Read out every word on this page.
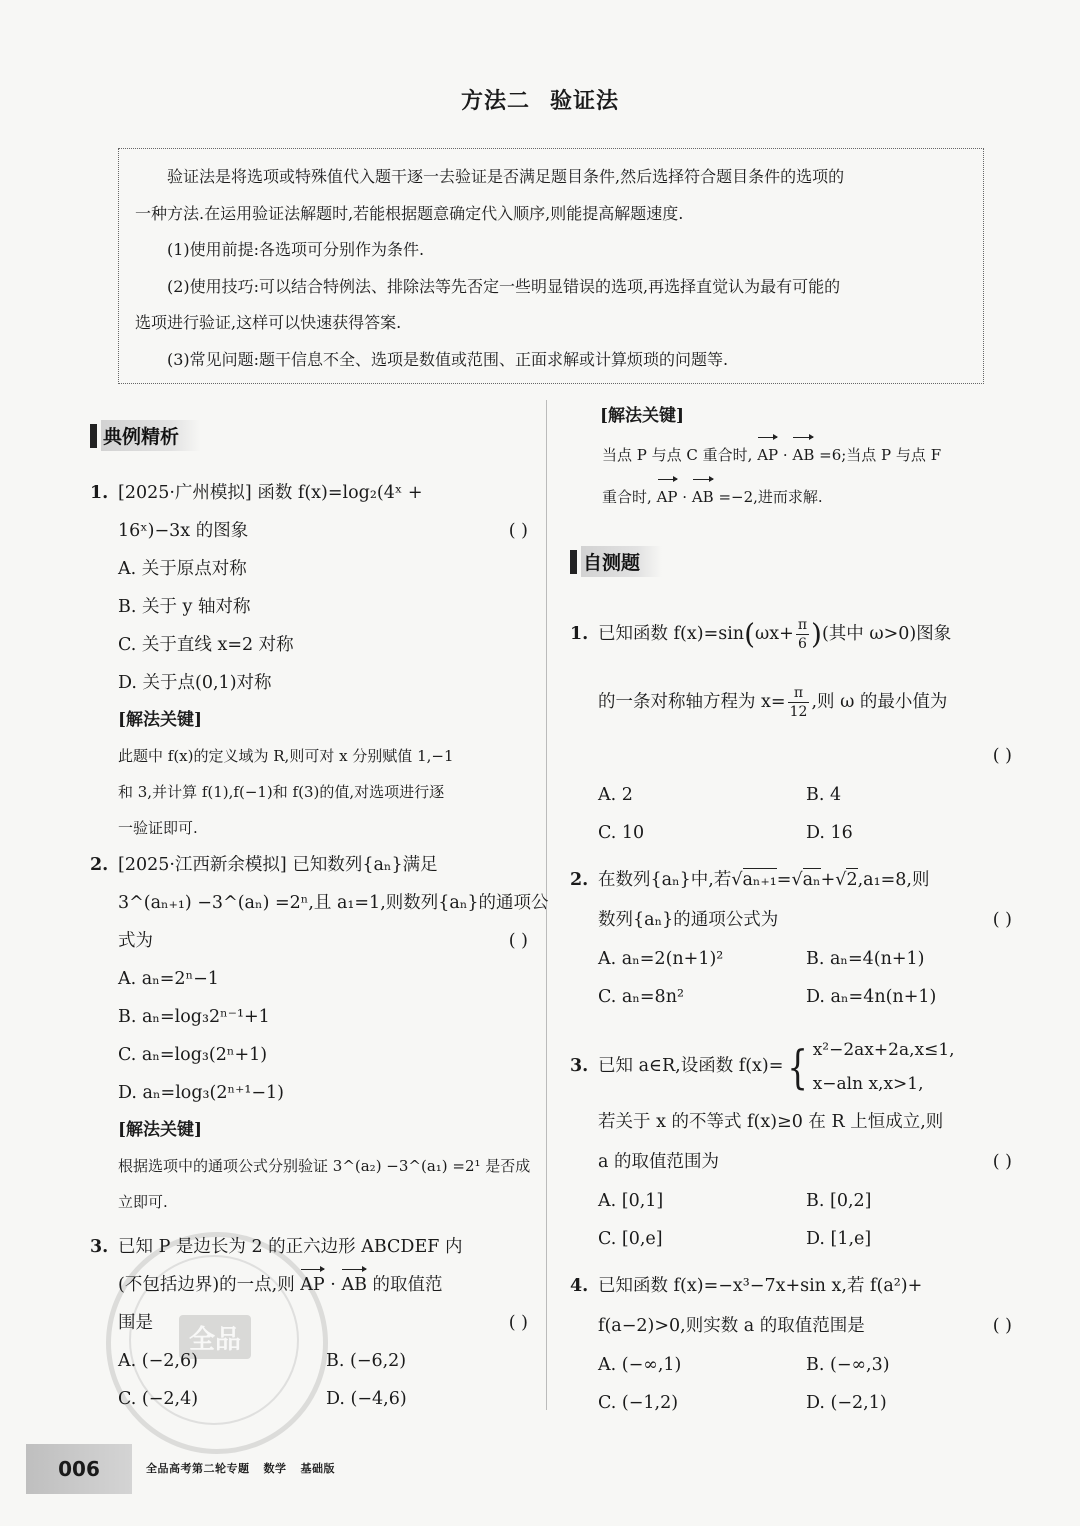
方法二 验证法

验证法是将选项或特殊值代入题干逐一去验证是否满足题目条件,然后选择符合题目条件的选项的

一种方法.在运用验证法解题时,若能根据题意确定代入顺序,则能提高解题速度.

(1)使用前提:各选项可分别作为条件.

(2)使用技巧:可以结合特例法、排除法等先否定一些明显错误的选项,再选择直觉认为最有可能的

选项进行验证,这样可以快速获得答案.

(3)常见问题:题干信息不全、选项是数值或范围、正面求解或计算烦琐的问题等.

典例精析
1. [2025·广州模拟] 函数 f(x)=log₂(4ˣ +
16ˣ)−3x 的图象	( )
A. 关于原点对称
B. 关于 y 轴对称
C. 关于直线 x=2 对称
D. 关于点(0,1)对称
[解法关键]
此题中 f(x)的定义域为 R,则可对 x 分别赋值 1,−1
和 3,并计算 f(1),f(−1)和 f(3)的值,对选项进行逐
一验证即可.
2. [2025·江西新余模拟] 已知数列{aₙ}满足
3^(aₙ₊₁) −3^(aₙ) =2ⁿ,且 a₁=1,则数列{aₙ}的通项公
式为	( )
A. aₙ=2ⁿ−1
B. aₙ=log₃2ⁿ⁻¹+1
C. aₙ=log₃(2ⁿ+1)
D. aₙ=log₃(2ⁿ⁺¹−1)
[解法关键]
根据选项中的通项公式分别验证 3^(a₂) −3^(a₁) =2¹ 是否成
立即可.
全品
3. 已知 P 是边长为 2 的正六边形 ABCDEF 内
(不包括边界)的一点,则 AP · AB 的取值范
围是	( )
A. (−2,6)	B. (−6,2)
C. (−2,4)	D. (−4,6)
[解法关键]
当点 P 与点 C 重合时, AP · AB =6;当点 P 与点 F
重合时, AP · AB =−2,进而求解.
自测题
1. 已知函数 $f(x)=\sin(\omega x+ \frac{\pi}{6}$ )(其中 ω>0)图象
的一条对称轴方程为 $x= \frac{\pi}{12}$ ,则 ω 的最小值为
( )
A. 2	B. 4
C. 10	D. 16
2. 在数列{aₙ}中,若√aₙ₊₁=√aₙ+√2,a₁=8,则
数列{aₙ}的通项公式为	( )
A. aₙ=2(n+1)²	B. aₙ=4(n+1)
C. aₙ=8n²	D. aₙ=4n(n+1)
3. 已知 a∈R,设函数 f(x)={ x²−2ax+2a,x≤1,
x−aln x,x>1,
若关于 x 的不等式 f(x)≥0 在 R 上恒成立,则
a 的取值范围为	( )
A. [0,1]	B. [0,2]
C. [0,e]	D. [1,e]
4. 已知函数 f(x)=−x³−7x+sin x,若 f(a²)+
f(a−2)>0,则实数 a 的取值范围是	( )
A. (−∞,1)	B. (−∞,3)
C. (−1,2)	D. (−2,1)
006	全品高考第二轮专题 数学 基础版
